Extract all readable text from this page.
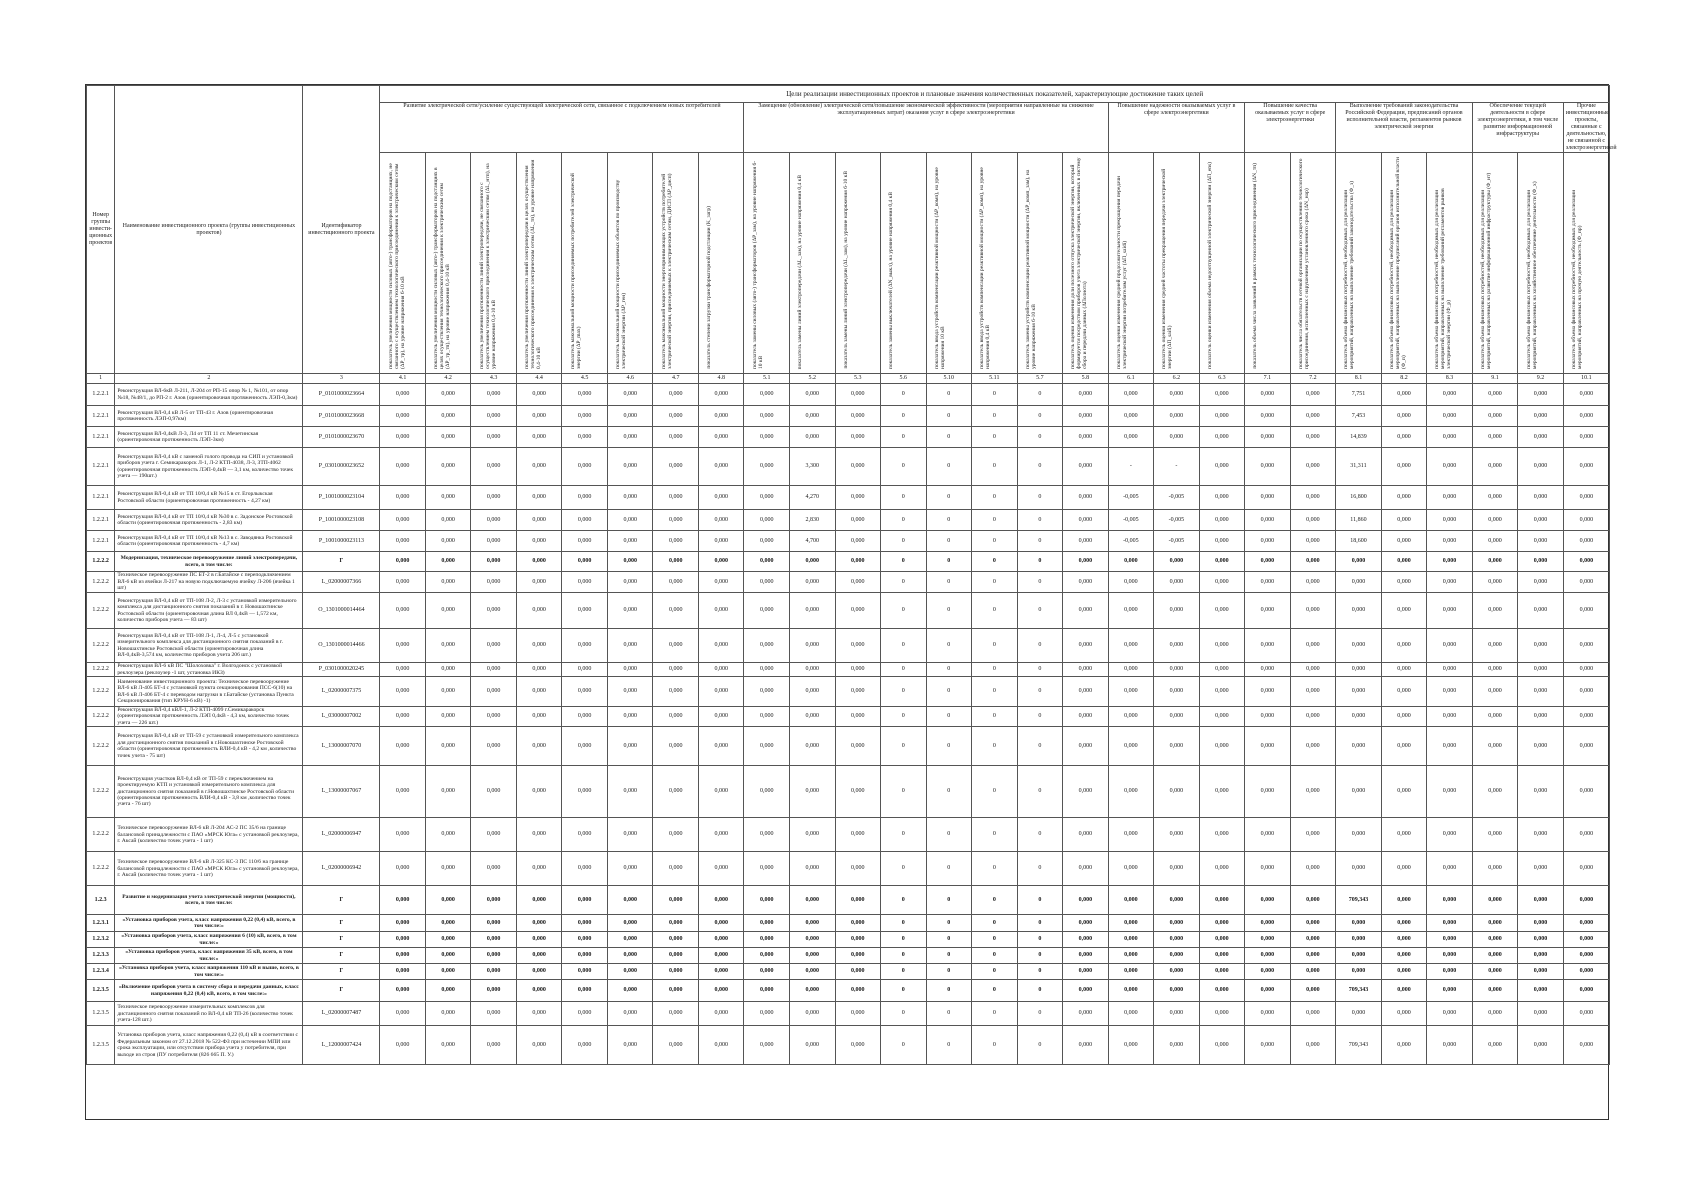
Номер группы инвести-ционных проектов	Наименование инвестиционного проекта (группы инвестиционных проектов)	Идентификатор инвестиционного проекта	Цели реализации инвестиционных проектов и плановые значения количественных показателей, характеризующие достижение таких целей																										
			Развитие электрической сети/усиление существующей электрической сети, связанное с подключением новых потребителей								Замещение (обновление) электрической сети/повышение экономической эффективности (мероприятия направленные на снижение эксплуатационных затрат) оказания услуг в сфере электроэнергетики								Повышение надежности оказываемых услуг в сфере электроэнергетики			Повышение качества оказываемых услуг в сфере электроэнергетики		Выполнение требований законодательства Российской Федерации, предписаний органов исполнительной власти, регламентов рынков электрической энергии			Обеспечение текущей деятельности в сфере электроэнергетики, в том числе развитие информационной инфраструктуры		Прочие инвестиционные проекты, связанные с деятельностью, не связанной с электроэнергетикой

			показатель увеличения мощности силовых (авто-) трансформаторов на подстанциях, не связанного с осуществлением технологического присоединения к электрическим сетям (ΔP_тр), на уровне напряжения 6-10 кВ	показатель увеличения мощности силовых (авто-) трансформаторов на подстанциях в целях осуществления технологического присоединения к электрическим сетям (ΔP_тр_тп), на уровне напряжения 0,4-10 кВ	показатель увеличения протяженности линий электропередачи, не связанного с осуществлением технологического присоединения к электрическим сетям (ΔL_нтп), на уровне напряжения 0,4-10 кВ	показатель увеличения протяженности линий электропередачи в целях осуществления технологического присоединения к электрическим сетям (ΔL_тп), на уровне напряжения 0,4-10 кВ	показатель максимальной мощности присоединяемых потребителей электрической энергии (ΔP_max)	показатель максимальной мощности присоединяемых объектов по производству электрической энергии (ΔP_ген)	показатель максимальной мощности энергопринимающих устройств потребителей электрической энергии, присоединяемых к электрическим сетям, ДИСП (ΔP_дисп)	показатель степени загрузки трансформаторной подстанции (K_загр)	показатель замены силовых (авто-) трансформаторов (ΔP_зам), на уровне напряжения 6-10 кВ	показатель замены линий электропередачи (ΔL_зам), на уровне напряжения 0,4 кВ	показатель замены линий электропередачи (ΔL_зам), на уровне напряжения 6-10 кВ	показатель замены выключателей (ΔN_выкл), на уровне напряжения 0,4 кВ	показатель ввода устройств компенсации реактивной мощности (ΔP_комп), на уровне напряжения 10 кВ	показатель ввода устройств компенсации реактивной мощности (ΔP_комп), на уровне напряжения 0,4 кВ	показатель замены устройств компенсации реактивной мощности (ΔP_комп_зам), на уровне напряжения 6-10 кВ	показатель оценки изменения доли полезного отпуска электрической энергии, который формируется посредством приборов учета электрической энергии, включенных в систему сбора и передачи данных (ΔПолнота)	показатель оценки изменения средней продолжительности прекращения передачи электрической энергии потребителям услуг (ΔП_saidi)	показатель оценки изменения средней частоты прекращения передачи электрической энергии (ΔП_saifi)	показатель оценки изменения объема недоотпущенной электрической энергии (ΔП_ens)	показатель объема числа заявлений в рамках технологического присоединения (ΔN_тп)	показатель числа обязательств сетевой организации по осуществлению технологического присоединения, исполненных с нарушением установленного срока (ΔN_нар)	показатель объема финансовых потребностей, необходимых для реализации мероприятий, направленных на выполнение требований законодательства (Ф_з)	показатель объема финансовых потребностей, необходимых для реализации мероприятий, направленных на выполнение предписаний органов исполнительной власти (Ф_п)	показатель объема финансовых потребностей, необходимых для реализации мероприятий, направленных на выполнение требований регламентов рынков электрической энергии (Ф_р)	показатель объема финансовых потребностей, необходимых для реализации мероприятий, направленных на развитие информационной инфраструктуры (Ф_ит)	показатель объема финансовых потребностей, необходимых для реализации мероприятий, направленных на хозяйственное обеспечение деятельности (Ф_х)	показатель объема финансовых потребностей, необходимых для реализации мероприятий, направленных на прочую деятельность (Ф_пр)

1	2	3	4.1	4.2	4.3	4.4	4.5	4.6	4.7	4.8	5.1	5.2	5.3	5.6	5.10	5.11	5.7	5.8	6.1	6.2	6.3	7.1	7.2	8.1	8.2	8.3	9.1	9.2	10.1
1.2.2.1	Реконструкция ВЛ-6кВ Л-211, Л-204 от РП-15 опор № 1, №101, от опор №18, №48/1, до РП-2 г. Азов (ориентировочная протяженность ЛЭП-0,3км)	P_0101000023664	0,000	0,000	0,000	0,000	0,000	0,000	0,000	0,000	0,000	0,000	0,000	0	0	0	0	0,000	0,000	0,000	0,000	0,000	0,000	7,751	0,000	0,000	0,000	0,000	0,000
1.2.2.1	Реконструкция ВЛ-0,4 кВ Л-5 от ТП-43 г. Азов (ориентировочная протяженность ЛЭП-0,97км)	P_0101000023668	0,000	0,000	0,000	0,000	0,000	0,000	0,000	0,000	0,000	0,000	0,000	0	0	0	0	0,000	0,000	0,000	0,000	0,000	0,000	7,453	0,000	0,000	0,000	0,000	0,000
1.2.2.1	Реконструкция ВЛ-0,4кВ Л-3, Л4 от ТП 11 ст. Мечетинская (ориентировочная протяженность ЛЭП-3км)	P_0101000023670	0,000	0,000	0,000	0,000	0,000	0,000	0,000	0,000	0,000	0,000	0,000	0	0	0	0	0,000	0,000	0,000	0,000	0,000	0,000	14,839	0,000	0,000	0,000	0,000	0,000
1.2.2.1	Реконструкция ВЛ-0,4 кВ с заменой голого провода на СИП и установкой приборов учета г. Семикаракорск Л-1, Л-2 КТП-4038, Л-3, ЗТП-4062 (ориентировочная протяженность ЛЭП-0,4кВ — 3,1 км, количество точек учета — 190шт.)	P_0301000023652	0,000	0,000	0,000	0,000	0,000	0,000	0,000	0,000	0,000	3,300	0,000	0	0	0	0	0,000	-	-	0,000	0,000	0,000	31,311	0,000	0,000	0,000	0,000	0,000
1.2.2.1	Реконструкция ВЛ-0,4 кВ от ТП 10/0,4 кВ №15 в ст. Егорлыкская Ростовской области (ориентировочная протяженность - 4,27 км)	P_1001000023104	0,000	0,000	0,000	0,000	0,000	0,000	0,000	0,000	0,000	4,270	0,000	0	0	0	0	0,000	-0,005	-0,005	0,000	0,000	0,000	16,800	0,000	0,000	0,000	0,000	0,000
1.2.2.1	Реконструкция ВЛ-0,4 кВ от ТП 10/0,4 кВ №30 в с. Задонское Ростовской области (ориентировочная протяженность - 2,83 км)	P_1001000023108	0,000	0,000	0,000	0,000	0,000	0,000	0,000	0,000	0,000	2,830	0,000	0	0	0	0	0,000	-0,005	-0,005	0,000	0,000	0,000	11,860	0,000	0,000	0,000	0,000	0,000
1.2.2.1	Реконструкция ВЛ-0,4 кВ от ТП 10/0,4 кВ №13 в с. Заводянка Ростовской области (ориентировочная протяженность - 4,7 км)	P_1001000023113	0,000	0,000	0,000	0,000	0,000	0,000	0,000	0,000	0,000	4,700	0,000	0	0	0	0	0,000	-0,005	-0,005	0,000	0,000	0,000	18,600	0,000	0,000	0,000	0,000	0,000
1.2.2.2	Модернизация, техническое перевооружение линий электропередачи, всего, в том числе:	Г	0,000	0,000	0,000	0,000	0,000	0,000	0,000	0,000	0,000	0,000	0,000	0	0	0	0	0,000	0,000	0,000	0,000	0,000	0,000	0,000	0,000	0,000	0,000	0,000	0,000
1.2.2.2	Техническое перевооружение ПС БТ-2 в г.Батайске с переподключением ВЛ-6 кВ из ячейки Л-217 на новую подключаемую ячейку Л-206 (ячейка 1 шт)	L_02000007366	0,000	0,000	0,000	0,000	0,000	0,000	0,000	0,000	0,000	0,000	0,000	0	0	0	0	0,000	0,000	0,000	0,000	0,000	0,000	0,000	0,000	0,000	0,000	0,000	0,000
1.2.2.2	Реконструкция ВЛ-0,4 кВ от ТП-108 Л-2, Л-3 с установкой измерительного комплекса для дистанционного снятия показаний в г. Новошахтинске Ростовской области (ориентировочная длина ВЛ 0,4кВ — 1,572 км, количество приборов учета — 83 шт)	O_1301000014464	0,000	0,000	0,000	0,000	0,000	0,000	0,000	0,000	0,000	0,000	0,000	0	0	0	0	0,000	0,000	0,000	0,000	0,000	0,000	0,000	0,000	0,000	0,000	0,000	0,000
1.2.2.2	Реконструкция ВЛ-0,4 кВ от ТП-108 Л-1, Л-4, Л-5 с установкой измерительного комплекса для дистанционного снятия показаний в г. Новошахтинске Ростовской области (ориентировочная длина ВЛ-0,4кВ-3,574 км, количество приборов учета 206 шт.)	O_1301000014466	0,000	0,000	0,000	0,000	0,000	0,000	0,000	0,000	0,000	0,000	0,000	0	0	0	0	0,000	0,000	0,000	0,000	0,000	0,000	0,000	0,000	0,000	0,000	0,000	0,000
1.2.2.2	Реконструкция ВЛ-6 кВ ПС "Шолоховка" г. Волгодонск с установкой реклоузера (реклоузер -1 шт, установка ИКЗ)	P_0301000020245	0,000	0,000	0,000	0,000	0,000	0,000	0,000	0,000	0,000	0,000	0,000	0	0	0	0	0,000	0,000	0,000	0,000	0,000	0,000	0,000	0,000	0,000	0,000	0,000	0,000
1.2.2.2	Наименование инвестиционного проекта: Техническое перевооружение ВЛ-6 кВ Л-405 БТ-4 с установкой пункта секционирования ПСС-6(10) на ВЛ-6 кВ Л-406 БТ-4 с переводом нагрузки в г.Батайске (установка Пункта Секционирования (тип КРУН-6 кВ) -1)	L_02000007375	0,000	0,000	0,000	0,000	0,000	0,000	0,000	0,000	0,000	0,000	0,000	0	0	0	0	0,000	0,000	0,000	0,000	0,000	0,000	0,000	0,000	0,000	0,000	0,000	0,000
1.2.2.2	Реконструкция ВЛ-0,4 кВЛ-1, Л-2 КТП-4099 г.Семикаракорск (ориентировочная протяженность ЛЭП 0,4кВ - 4,3 км, количество точек учета — 226 шт.)	L_03000007002	0,000	0,000	0,000	0,000	0,000	0,000	0,000	0,000	0,000	0,000	0,000	0	0	0	0	0,000	0,000	0,000	0,000	0,000	0,000	0,000	0,000	0,000	0,000	0,000	0,000
1.2.2.2	Реконструкция ВЛ-0,4 кВ от ТП-59 с установкой измерительного комплекса для дистанционного снятия показаний в г.Новошахтинске Ростовской области (ориентировочная протяженность ВЛИ-0,4 кВ - 4,2 км ,количество точек учета - 75 шт)	L_13000007070	0,000	0,000	0,000	0,000	0,000	0,000	0,000	0,000	0,000	0,000	0,000	0	0	0	0	0,000	0,000	0,000	0,000	0,000	0,000	0,000	0,000	0,000	0,000	0,000	0,000
1.2.2.2	Реконструкция участков ВЛ-0,4 кВ от ТП-59 с переключением на проектируемую КТП и установкой измерительного комплекса для дистанционного снятия показаний в г.Новошахтинске Ростовской области (ориентировочная протяженность ВЛИ-0,4 кВ - 3,8 км ,количество точек учета - 76 шт)	L_13000007067	0,000	0,000	0,000	0,000	0,000	0,000	0,000	0,000	0,000	0,000	0,000	0	0	0	0	0,000	0,000	0,000	0,000	0,000	0,000	0,000	0,000	0,000	0,000	0,000	0,000
1.2.2.2	Техническое перевооружение ВЛ-6 кВ Л-204 АС-2 ПС 35/6 на границе балансовой принадлежности с ПАО «МРСК Юга» с установкой реклоузера, г. Аксай (количество точек учета - 1 шт)	L_02000006947	0,000	0,000	0,000	0,000	0,000	0,000	0,000	0,000	0,000	0,000	0,000	0	0	0	0	0,000	0,000	0,000	0,000	0,000	0,000	0,000	0,000	0,000	0,000	0,000	0,000
1.2.2.2	Техническое перевооружение ВЛ-6 кВ Л-325 КС-3 ПС 110/6 на границе балансовой принадлежности с ПАО «МРСК Юга» с установкой реклоузера, г. Аксай (количество точек учета - 1 шт)	L_02000006942	0,000	0,000	0,000	0,000	0,000	0,000	0,000	0,000	0,000	0,000	0,000	0	0	0	0	0,000	0,000	0,000	0,000	0,000	0,000	0,000	0,000	0,000	0,000	0,000	0,000
1.2.3	Развитие и модернизация учета электрической энергии (мощности), всего, в том числе:	Г	0,000	0,000	0,000	0,000	0,000	0,000	0,000	0,000	0,000	0,000	0,000	0	0	0	0	0,000	0,000	0,000	0,000	0,000	0,000	709,343	0,000	0,000	0,000	0,000	0,000
1.2.3.1	«Установка приборов учета, класс напряжения 0,22 (0,4) кВ, всего, в том числе:»	Г	0,000	0,000	0,000	0,000	0,000	0,000	0,000	0,000	0,000	0,000	0,000	0	0	0	0	0,000	0,000	0,000	0,000	0,000	0,000	0,000	0,000	0,000	0,000	0,000	0,000
1.2.3.2	«Установка приборов учета, класс напряжения 6 (10) кВ, всего, в том числе:»	Г	0,000	0,000	0,000	0,000	0,000	0,000	0,000	0,000	0,000	0,000	0,000	0	0	0	0	0,000	0,000	0,000	0,000	0,000	0,000	0,000	0,000	0,000	0,000	0,000	0,000
1.2.3.3	«Установка приборов учета, класс напряжения 35 кВ, всего, в том числе:»	Г	0,000	0,000	0,000	0,000	0,000	0,000	0,000	0,000	0,000	0,000	0,000	0	0	0	0	0,000	0,000	0,000	0,000	0,000	0,000	0,000	0,000	0,000	0,000	0,000	0,000
1.2.3.4	«Установка приборов учета, класс напряжения 110 кВ и выше, всего, в том числе:»	Г	0,000	0,000	0,000	0,000	0,000	0,000	0,000	0,000	0,000	0,000	0,000	0	0	0	0	0,000	0,000	0,000	0,000	0,000	0,000	0,000	0,000	0,000	0,000	0,000	0,000
1.2.3.5	«Включение приборов учета в систему сбора и передачи данных, класс напряжения 0,22 (0,4) кВ, всего, в том числе:»	Г	0,000	0,000	0,000	0,000	0,000	0,000	0,000	0,000	0,000	0,000	0,000	0	0	0	0	0,000	0,000	0,000	0,000	0,000	0,000	709,343	0,000	0,000	0,000	0,000	0,000
1.2.3.5	Техническое перевооружение измерительных комплексов для дистанционного снятия показаний по ВЛ-0,4 кВ ТП-26 (количество точек учета-128 шт.)	L_02000007487	0,000	0,000	0,000	0,000	0,000	0,000	0,000	0,000	0,000	0,000	0,000	0	0	0	0	0,000	0,000	0,000	0,000	0,000	0,000	0,000	0,000	0,000	0,000	0,000	0,000
1.2.3.5	Установка приборов учета, класс напряжения 0,22 (0,4) кВ в соответствии с Федеральным законом от 27.12.2018 № 522-ФЗ при истечении МПИ или срока эксплуатации, или отсутствии прибора учета у потребителя, при выходе из строя (ПУ потребителя (826 665 П. У.)	L_12000007424	0,000	0,000	0,000	0,000	0,000	0,000	0,000	0,000	0,000	0,000	0,000	0	0	0	0	0,000	0,000	0,000	0,000	0,000	0,000	709,343	0,000	0,000	0,000	0,000	0,000
